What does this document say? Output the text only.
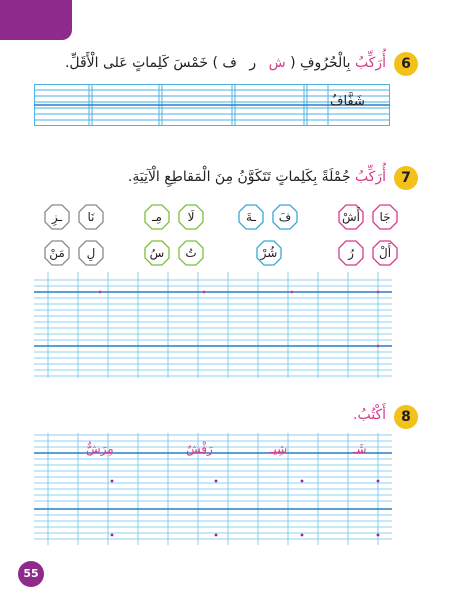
6
أُرَكِّبُ بِالْحُرُوفِ ( ش ر ف ) خَمْسَ كَلِماتٍ عَلى الْأَقَلِّ.
شَفَّافٌ
7
أُرَكِّبُ جُمْلَةً بِكَلِماتٍ تَتَكَوَّنُ مِنَ الْمَقاطِعِ الْآتِيَةِ.
جَا
أَشْ
أَلْ
رُ
فَ
ـةَ
شُرْ
لَا
مِـ
تُ
سُ
نَا
ـزِ
لِ
مَنْ
8
أَكْتُبُ.
شَـ
شِيـ
رَفْشٌ
مِرَشٌّ
55
